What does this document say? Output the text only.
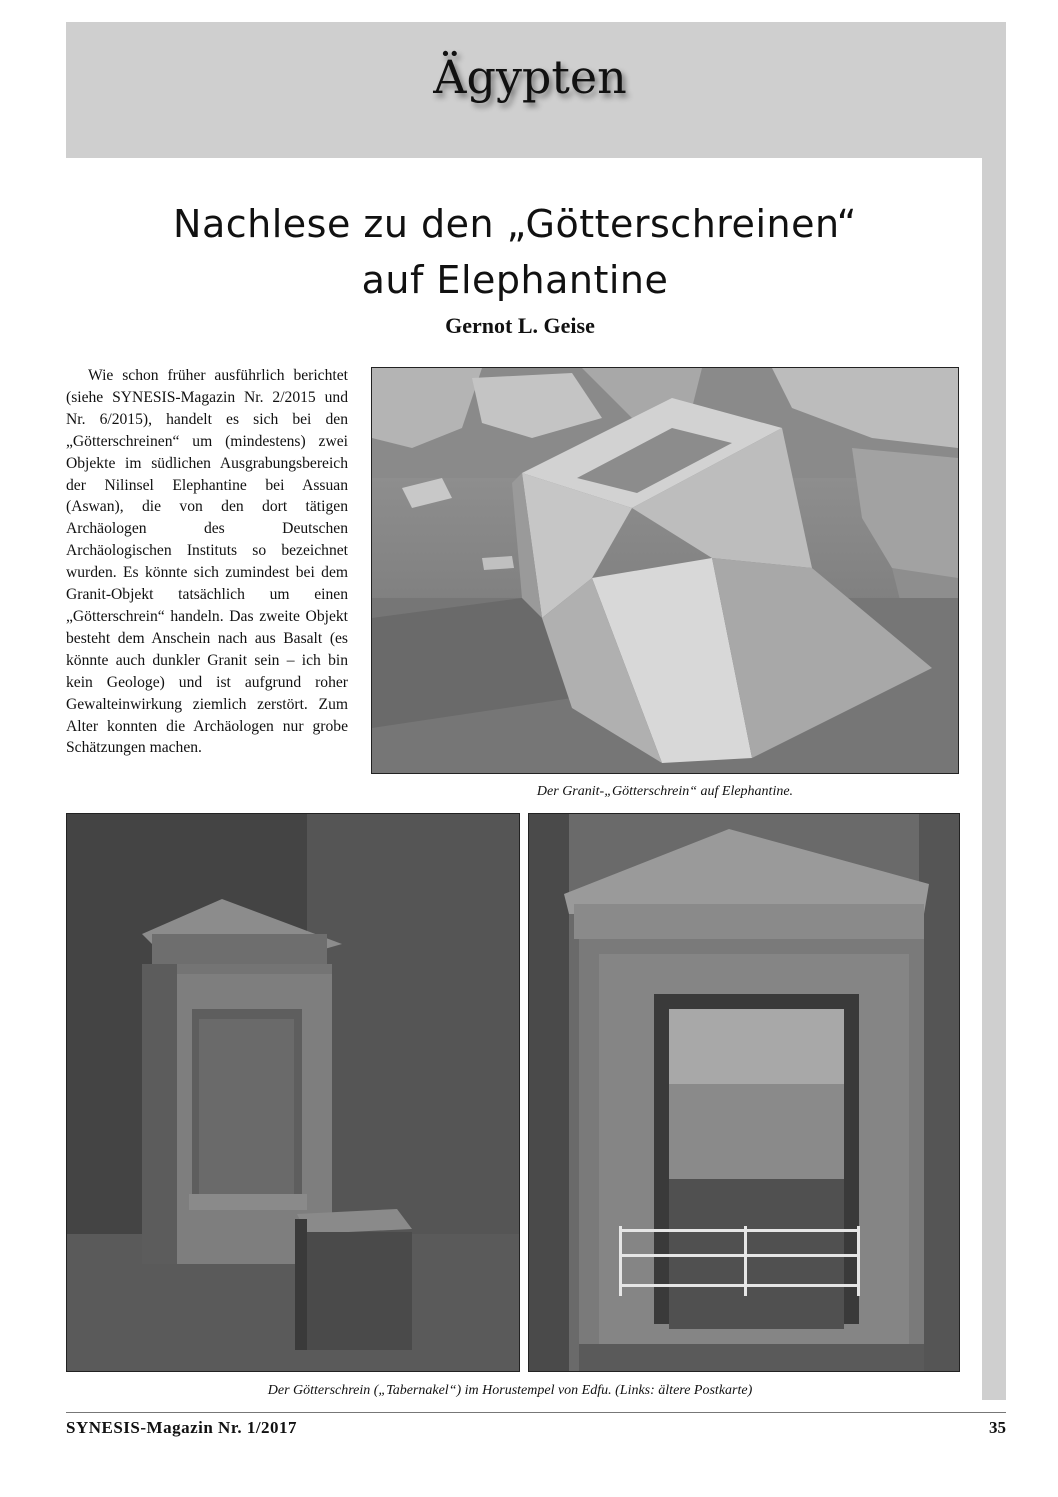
Ägypten
Nachlese zu den „Götterschreinen“
auf Elephantine
Gernot L. Geise

Wie schon früher ausführlich berichtet (siehe SYNESIS-Magazin Nr. 2/2015 und Nr. 6/2015), handelt es sich bei den „Götterschreinen“ um (mindestens) zwei Objekte im südlichen Ausgrabungsbereich der Nilinsel Elephantine bei Assuan (Aswan), die von den dort tätigen Archäologen des Deutschen Archäologischen Instituts so bezeichnet wurden. Es könnte sich zumindest bei dem Granit-Objekt tatsächlich um einen „Götterschrein“ handeln. Das zweite Objekt besteht dem Anschein nach aus Basalt (es könnte auch dunkler Granit sein – ich bin kein Geologe) und ist aufgrund roher Gewalteinwirkung ziemlich zerstört. Zum Alter konnten die Archäologen nur grobe Schätzungen machen.

Der Granit-„Götterschrein“ auf Elephantine.
Der Götterschrein („Tabernakel“) im Horustempel von Edfu. (Links: ältere Postkarte)
SYNESIS-Magazin Nr. 1/2017	35
